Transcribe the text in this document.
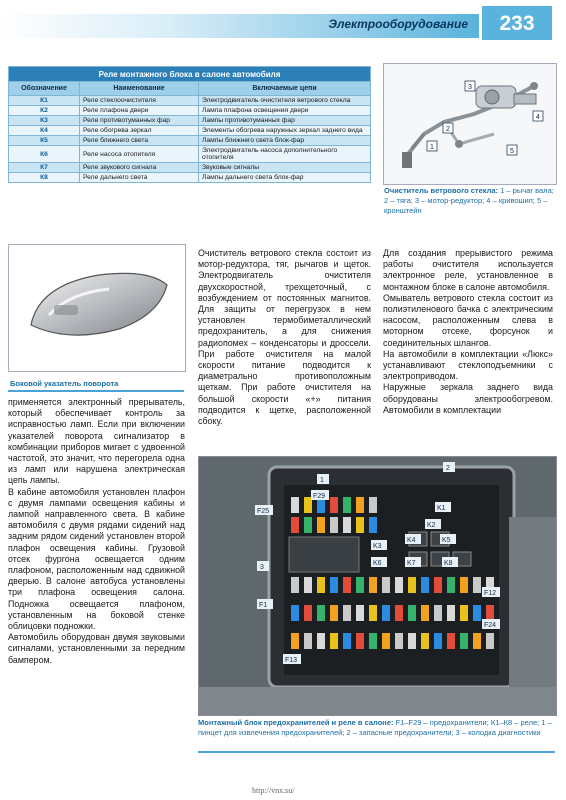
Электрооборудование	233
Реле монтажного блока в салоне автомобиля		
Обозначение	Наименование	Включаемые цепи
К1	Реле стеклоочистителя	Электродвигатель очистителя ветрового стекла
К2	Реле плафона двери	Лампа плафона освещения двери
К3	Реле противотуманных фар	Лампы противотуманных фар
К4	Реле обогрева зеркал	Элементы обогрева наружных зеркал заднего вида
К5	Реле ближнего света	Лампы ближнего света блок-фар
К6	Реле насоса отопителя	Электродвигатель насоса дополнительного отопителя
К7	Реле звукового сигнала	Звуковые сигналы
К8	Реле дальнего света	Лампы дальнего света блок-фар
1
2
3
4
5
Очиститель ветрового стекла: 1 – рычаг вала; 2 – тяга; 3 – мотор-редуктор; 4 – кривошип; 5 – кронштейн
Боковой указатель поворота

применяется электронный прерыватель, который обеспечивает контроль за исправностью ламп. Если при включении указателей поворота сигнализатор в комбинации приборов мигает с удвоенной частотой, это значит, что перегорела одна из ламп или нарушена электрическая цепь лампы.

В кабине автомобиля установлен плафон с двумя лампами освещения кабины и лампой направленного света. В кабине автомобиля с двумя рядами сидений над задним рядом сидений установлен второй плафон освещения кабины. Грузовой отсек фургона освещается одним плафоном, расположенным над сдвижной дверью. В салоне автобуса установлены три плафона освещения салона. Подножка освещается плафоном, установленным на боковой стенке облицовки подножки.

Автомобиль оборудован двумя звуковыми сигналами, установленными за передним бампером.

Очиститель ветрового стекла состоит из мотор-редуктора, тяг, рычагов и щеток. Электродвигатель очистителя двухскоростной, трехщеточный, с возбуждением от постоянных магнитов. Для защиты от перегрузок в нем установлен термобиметаллический предохранитель, а для снижения радиопомех – конденсаторы и дроссели. При работе очистителя на малой скорости питание подводится к диаметрально противоположным щеткам. При работе очистителя на большой скорости «+» питания подводится к щетке, расположенной сбоку.

Для создания прерывистого режима работы очистителя используется электронное реле, установленное в монтажном блоке в салоне автомобиля.

Омыватель ветрового стекла состоит из полиэтиленового бачка с электрическим насосом, расположенным слева в моторном отсеке, форсунок и соединительных шлангов.

На автомобили в комплектации «Люкс» устанавливают стеклоподъемники с электроприводом.

Наружные зеркала заднего вида оборудованы электрообогревом. Автомобили в комплектации

1
2
F29
K1
F25
K2
K3
K4	K5
K6	K7	K8
3
F1
F12
F24
F13
Монтажный блок предохранителей и реле в салоне: F1–F29 – предохранители; К1–К8 – реле; 1 – пинцет для извлечения предохранителей; 2 – запасные предохранители; 3 – колодка диагностики
http://vnx.su/
